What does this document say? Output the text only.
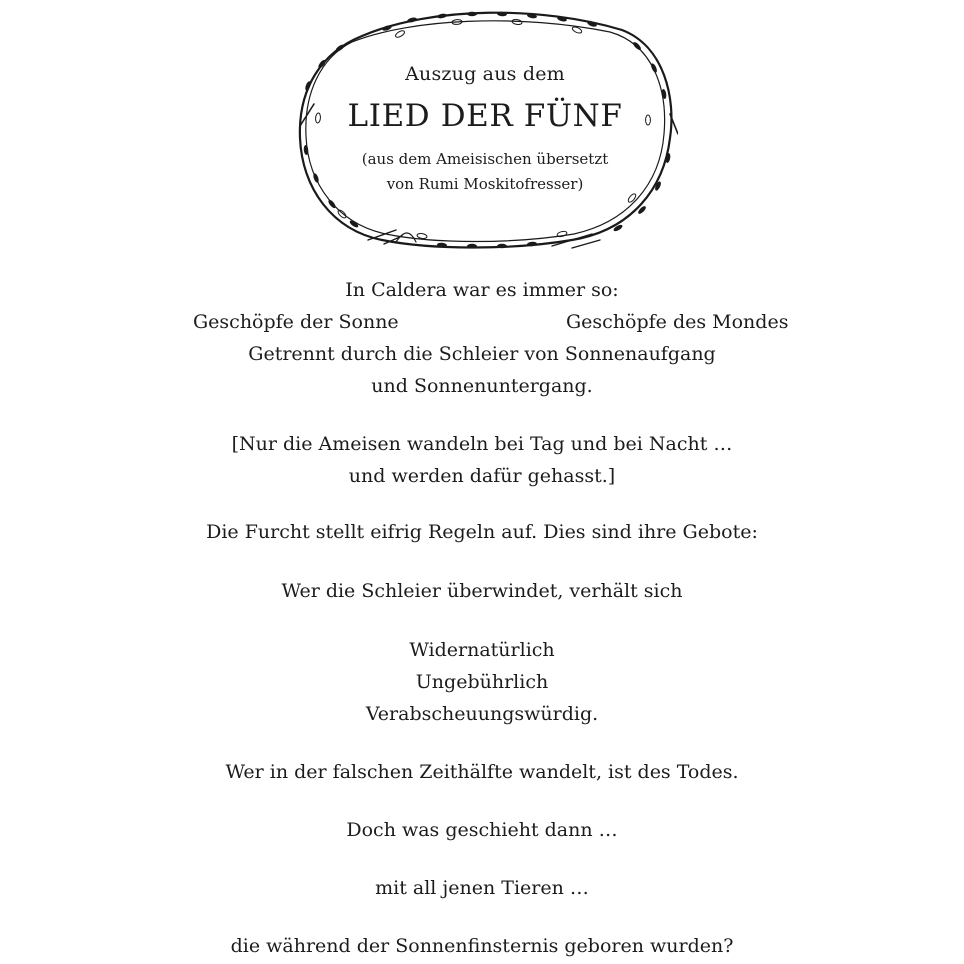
Auszug aus dem
LIED DER FÜNF
(aus dem Ameisischen übersetzt
von Rumi Moskitofresser)
In Caldera war es immer so:
Geschöpfe der Sonne	Geschöpfe des Mondes
Getrennt durch die Schleier von Sonnenaufgang
und Sonnenuntergang.
[Nur die Ameisen wandeln bei Tag und bei Nacht …
und werden dafür gehasst.]
Die Furcht stellt eifrig Regeln auf. Dies sind ihre Gebote:
Wer die Schleier überwindet, verhält sich
Widernatürlich
Ungebührlich
Verabscheuungswürdig.
Wer in der falschen Zeithälfte wandelt, ist des Todes.
Doch was geschieht dann …
mit all jenen Tieren …
die während der Sonnenfinsternis geboren wurden?
